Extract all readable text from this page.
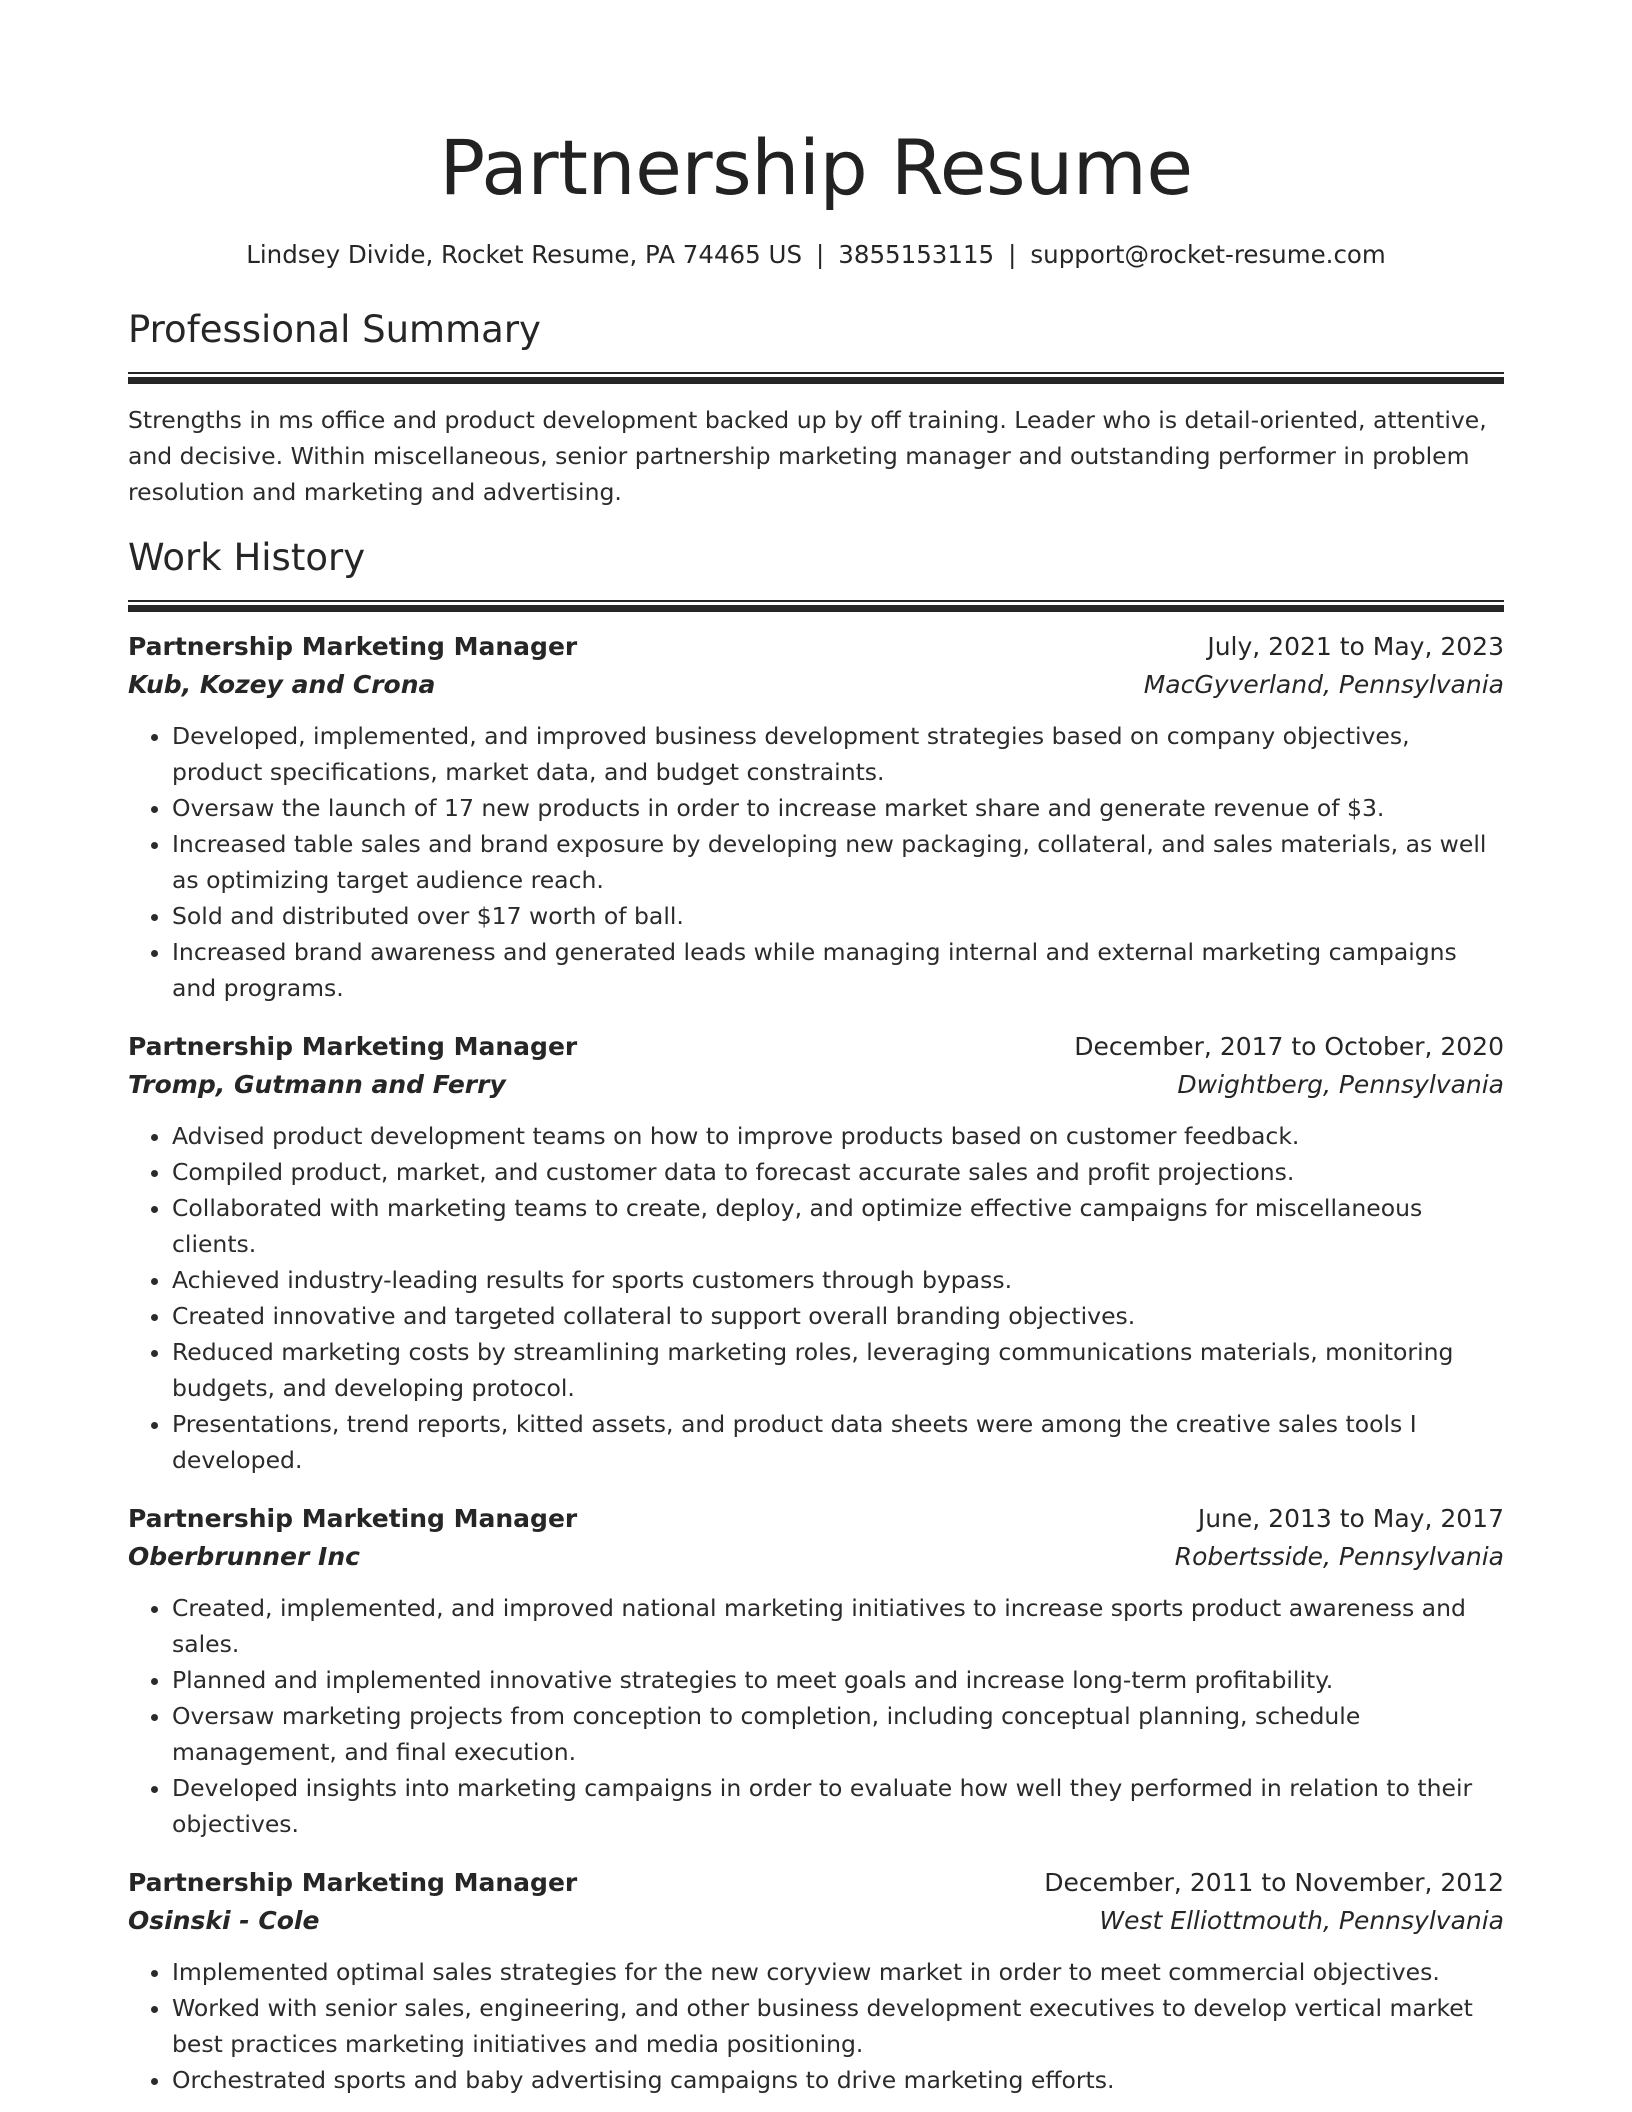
Partnership Resume
Lindsey Divide, Rocket Resume, PA 74465 US | 3855153115 | support@rocket-resume.com
Professional Summary

Strengths in ms office and product development backed up by off training. Leader who is detail-oriented, attentive, and decisive. Within miscellaneous, senior partnership marketing manager and outstanding performer in problem resolution and marketing and advertising.

Work History
Partnership Marketing Manager	July, 2021 to May, 2023
Kub, Kozey and Crona	MacGyverland, Pennsylvania
• Developed, implemented, and improved business development strategies based on company objectives, product specifications, market data, and budget constraints.
• Oversaw the launch of 17 new products in order to increase market share and generate revenue of $3.
• Increased table sales and brand exposure by developing new packaging, collateral, and sales materials, as well as optimizing target audience reach.
• Sold and distributed over $17 worth of ball.
• Increased brand awareness and generated leads while managing internal and external marketing campaigns and programs.
Partnership Marketing Manager	December, 2017 to October, 2020
Tromp, Gutmann and Ferry	Dwightberg, Pennsylvania
• Advised product development teams on how to improve products based on customer feedback.
• Compiled product, market, and customer data to forecast accurate sales and profit projections.
• Collaborated with marketing teams to create, deploy, and optimize effective campaigns for miscellaneous clients.
• Achieved industry-leading results for sports customers through bypass.
• Created innovative and targeted collateral to support overall branding objectives.
• Reduced marketing costs by streamlining marketing roles, leveraging communications materials, monitoring budgets, and developing protocol.
• Presentations, trend reports, kitted assets, and product data sheets were among the creative sales tools I developed.
Partnership Marketing Manager	June, 2013 to May, 2017
Oberbrunner Inc	Robertsside, Pennsylvania
• Created, implemented, and improved national marketing initiatives to increase sports product awareness and sales.
• Planned and implemented innovative strategies to meet goals and increase long-term profitability.
• Oversaw marketing projects from conception to completion, including conceptual planning, schedule management, and final execution.
• Developed insights into marketing campaigns in order to evaluate how well they performed in relation to their objectives.
Partnership Marketing Manager	December, 2011 to November, 2012
Osinski - Cole	West Elliottmouth, Pennsylvania
• Implemented optimal sales strategies for the new coryview market in order to meet commercial objectives.
• Worked with senior sales, engineering, and other business development executives to develop vertical market best practices marketing initiatives and media positioning.
• Orchestrated sports and baby advertising campaigns to drive marketing efforts.
